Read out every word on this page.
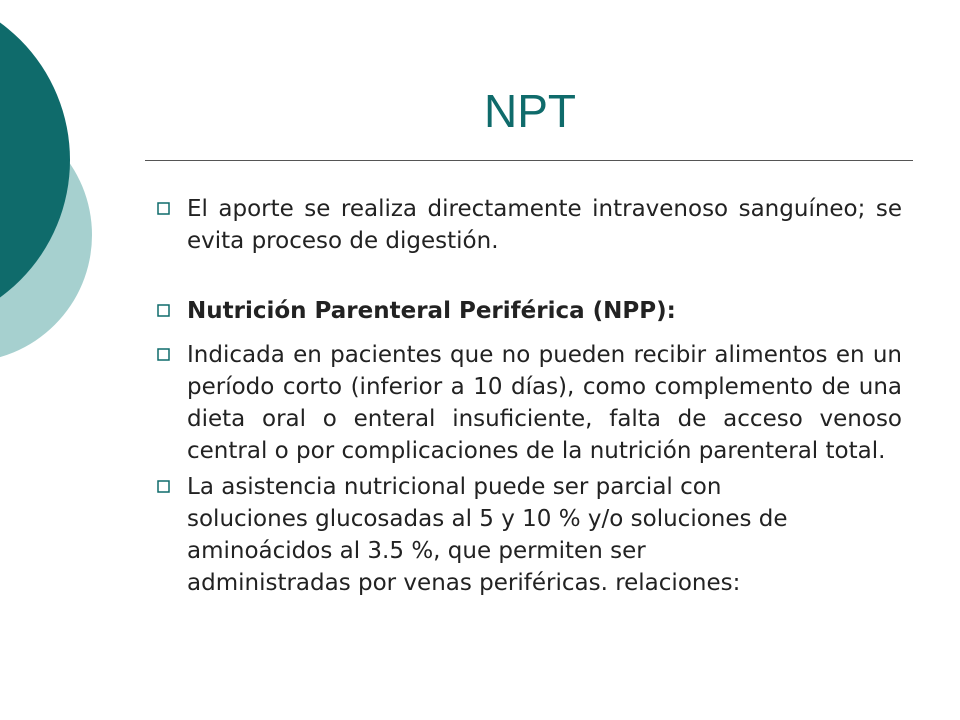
NPT
El aporte se realiza directamente intravenoso sanguíneo; se evita proceso de digestión.
Nutrición Parenteral Periférica (NPP):
Indicada en pacientes que no pueden recibir alimentos en un período corto (inferior a 10 días), como complemento de una dieta oral o enteral insuficiente, falta de acceso venoso central o por complicaciones de la nutrición parenteral total.
La asistencia nutricional puede ser parcial con
soluciones glucosadas al 5 y 10 % y/o soluciones de
aminoácidos al 3.5 %, que permiten ser
administradas por venas periféricas. relaciones:
